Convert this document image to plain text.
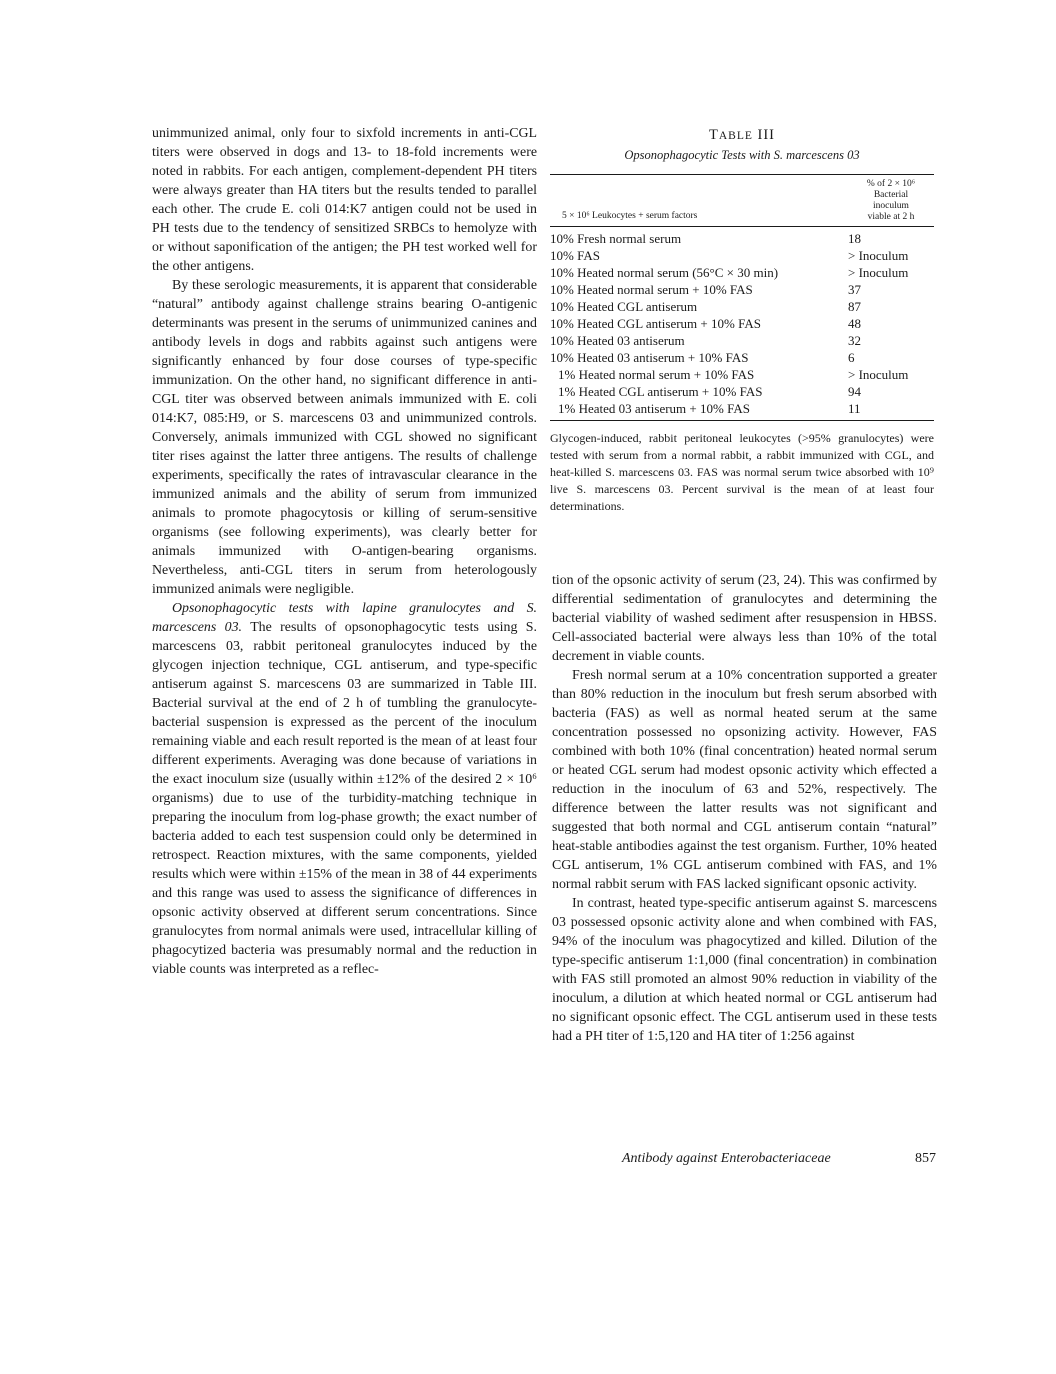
unimmunized animal, only four to sixfold increments in anti-CGL titers were observed in dogs and 13- to 18-fold increments were noted in rabbits. For each antigen, complement-dependent PH titers were always greater than HA titers but the results tended to parallel each other. The crude E. coli 014:K7 antigen could not be used in PH tests due to the tendency of sensitized SRBCs to hemolyze with or without saponification of the antigen; the PH test worked well for the other antigens.

By these serologic measurements, it is apparent that considerable “natural” antibody against challenge strains bearing O-antigenic determinants was present in the serums of unimmunized canines and antibody levels in dogs and rabbits against such antigens were significantly enhanced by four dose courses of type-specific immunization. On the other hand, no significant difference in anti-CGL titer was observed between animals immunized with E. coli 014:K7, 085:H9, or S. marcescens 03 and unimmunized controls. Conversely, animals immunized with CGL showed no significant titer rises against the latter three antigens. The results of challenge experiments, specifically the rates of intravascular clearance in the immunized animals and the ability of serum from immunized animals to promote phagocytosis or killing of serum-sensitive organisms (see following experiments), was clearly better for animals immunized with O-antigen-bearing organisms. Nevertheless, anti-CGL titers in serum from heterologously immunized animals were negligible.

Opsonophagocytic tests with lapine granulocytes and S. marcescens 03. The results of opsonophagocytic tests using S. marcescens 03, rabbit peritoneal granulocytes induced by the glycogen injection technique, CGL antiserum, and type-specific antiserum against S. marcescens 03 are summarized in Table III. Bacterial survival at the end of 2 h of tumbling the granulocyte-bacterial suspension is expressed as the percent of the inoculum remaining viable and each result reported is the mean of at least four different experiments. Averaging was done because of variations in the exact inoculum size (usually within ±12% of the desired 2 × 10⁶ organisms) due to use of the turbidity-matching technique in preparing the inoculum from log-phase growth; the exact number of bacteria added to each test suspension could only be determined in retrospect. Reaction mixtures, with the same components, yielded results which were within ±15% of the mean in 38 of 44 experiments and this range was used to assess the significance of differences in opsonic activity observed at different serum concentrations. Since granulocytes from normal animals were used, intracellular killing of phagocytized bacteria was presumably normal and the reduction in viable counts was interpreted as a reflec-

TABLE III
Opsonophagocytic Tests with S. marcescens 03
5 × 10⁶ Leukocytes + serum factors
% of 2 × 10⁶
Bacterial
inoculum
viable at 2 h
10% Fresh normal serum	18
10% FAS	> Inoculum
10% Heated normal serum (56°C × 30 min)	> Inoculum
10% Heated normal serum + 10% FAS	37
10% Heated CGL antiserum	87
10% Heated CGL antiserum + 10% FAS	48
10% Heated 03 antiserum	32
10% Heated 03 antiserum + 10% FAS	6
1% Heated normal serum + 10% FAS	> Inoculum
1% Heated CGL antiserum + 10% FAS	94
1% Heated 03 antiserum + 10% FAS	11
Glycogen-induced, rabbit peritoneal leukocytes (>95% granulocytes) were tested with serum from a normal rabbit, a rabbit immunized with CGL, and heat-killed S. marcescens 03. FAS was normal serum twice absorbed with 10⁹ live S. marcescens 03. Percent survival is the mean of at least four determinations.

tion of the opsonic activity of serum (23, 24). This was confirmed by differential sedimentation of granulocytes and determining the bacterial viability of washed sediment after resuspension in HBSS. Cell-associated bacterial were always less than 10% of the total decrement in viable counts.

Fresh normal serum at a 10% concentration supported a greater than 80% reduction in the inoculum but fresh serum absorbed with bacteria (FAS) as well as normal heated serum at the same concentration possessed no opsonizing activity. However, FAS combined with both 10% (final concentration) heated normal serum or heated CGL serum had modest opsonic activity which effected a reduction in the inoculum of 63 and 52%, respectively. The difference between the latter results was not significant and suggested that both normal and CGL antiserum contain “natural” heat-stable antibodies against the test organism. Further, 10% heated CGL antiserum, 1% CGL antiserum combined with FAS, and 1% normal rabbit serum with FAS lacked significant opsonic activity.

In contrast, heated type-specific antiserum against S. marcescens 03 possessed opsonic activity alone and when combined with FAS, 94% of the inoculum was phagocytized and killed. Dilution of the type-specific antiserum 1:1,000 (final concentration) in combination with FAS still promoted an almost 90% reduction in viability of the inoculum, a dilution at which heated normal or CGL antiserum had no significant opsonic effect. The CGL antiserum used in these tests had a PH titer of 1:5,120 and HA titer of 1:256 against

Antibody against Enterobacteriaceae	857
